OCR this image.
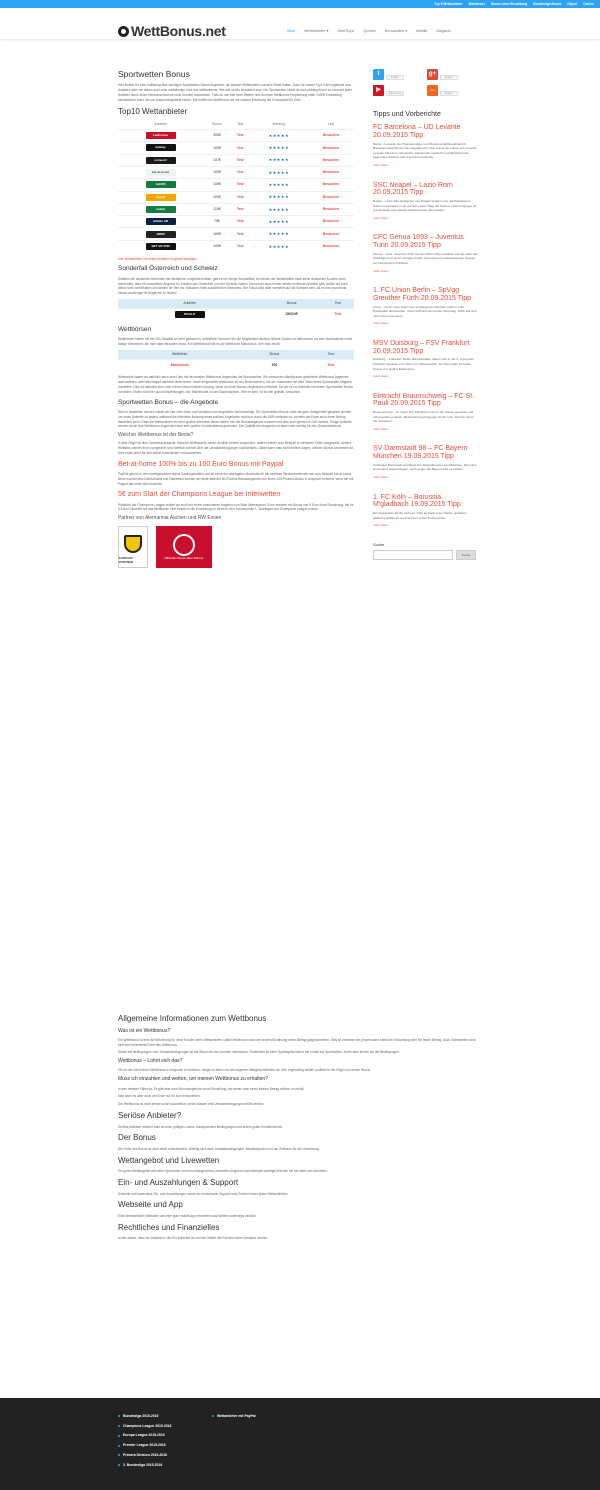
Top 5 Wettanbieter Wettsteuer Bonus ohne Einzahlung Bundesliga Bonus eSport Casino
WettBonus.net	Start Wettanbieter ▾ WettTipps Quoten Bonusarten ▾ Mobile Magazin
Sportwetten Bonus

Hier findest Du eine Auflistung aller wichtigen Sportwetten Bonus Angebote, die seriöse Wettanbieter auf dem Markt haben. Dazu ist unsere Top10 der Angebote bzw. Anbieter, aber wir haben auch eine vollständige Liste des Wettanbieter. Wie alle seriös einsortiert sind. Der Sportwetten-Markt ist hart umkämpft und so versucht jeder Anbieter durch einen Neukundenbonus neue Kunden anzulocken. Falls du neu bist beim Wetten und du einen Wettbonus Empfehlung unter 1000€ Einzahlung einkassieren willst, die wir zusammengestellt haben. Wir treffen bei WettBonus.net mit unserer Erfahrung die Vorauswahl für Dich.

Top10 Wettanbieter
Anbieter	Bonus	Test	Wertung	Link
Ladbrokes	300€	Test	★★★★★	Besuchen
betway	100€	Test	★★★★★	Besuchen
comeon!	107€	Test	★★★★★	Besuchen
bet-at-home	100€	Test	★★★★★	Besuchen
bet365	100€	Test	★★★★★	Besuchen
expekt	100€	Test	★★★★★	Besuchen
unibet	110€	Test	★★★★★	Besuchen
william hill	75€	Test	★★★★★	Besuchen
BWIN	100€	Test	★★★★★	Besuchen
BET VICTOR	100€	Test	★★★★★	Besuchen

Alle Wettanbieter mit einem sicheren Angebot anzeigen...

Sonderfall Österreich und Schweiz

Seitdem die deutschen Behörden die Wettsteuer eingeführt haben, gibt es nur einige Sonderfälle, bei denen die Wettanbieter zwar keine deutschen Kunden mehr annehmen, aber ein komplettes Angebot für Kunden aus Österreich und der Schweiz haben. Da es hier auch immer wieder verkürzte Anbieter gibt, wollen wir euch diese nicht vorenthalten und stellen sie hier vor. Inklusive eines ausführlichen Berichtes. Der Fokus wird aber vermehrt auf die Schweiz sein, da es hier manchmal etwas schwieriger ist Angebote zu finden!

Anbieter	Bonus	Test
RIVALO	150CHF	Test
Wettbörsen

Wettbörsen haben mit der 200-Idealität an Wert gewonnen, schließlich hat man hier die Möglichkeit deutlich höhere Quoten zu bekommen, da kein Buchmacher seine Marge einrechnet, die man dann bezahlen muss. Ein Wetttutorial hilft es die Wettbörse Matchbook, den man erhält.

Wettbörse	Bonus	Test
Matchbook	20€	Test

Wetmarkts haben wir natürlich auch eine Liste mit den besten Wettbonus Angeboten der Buchmacher. Wir versuchen ständig auch gesicherte Wettbonus Angebote auszuwählen, aber dies klappt natürlich nicht immer. Jeder eingestellte Wettbonus ist von Buchmachern, die wir zusammen mit dem Team eines Sportwetten Magazin vorstellen. Dies ist natürlich eine Liste mit nur einem kleinen Auszug, wenn du einen Bonus vergleichen möchtest. Da wir es nur Anbieter mit einem Sportwetten Bonus vorstellen, finden sich hier auch Empfehlungen und Testberichte zu den Buchmachern. Wie ihr seht, ist es hier gelistet, besuchen.

Sportwetten Bonus – die Angebote

Wie ihr feststellen werdet, haben wir hier viele Arten und Varianten von Angeboten berücksichtigt. Ein Sportwetten Bonus sollte als gute Gelegenheit gesehen werden um einen Anbieter zu testen, während die Mehrfach Nutzung eines solchen Angebotes nicht nur durch die AGB verboten ist, sondern am Ende auch einen Betrug darstellen kann. Dass die Wettanbieter ein sehr großes Interesse daran haben, wie die Bonusangebote machen und dies auch gerne tun, hat Vorteile. Einige Anbieter werden durch ihre Wettbonus-Angebote einen sehr großen Kundenstamm gewinnen. Die Qualität des Angebots ist dabei sehr wichtig für den Gesamteindruck.

Welcher Wettbonus ist der Beste?

In aller Regel ist dies Geschmackssache. Manche Wettfreunde haben deutlich höhere Ansprüche, andere wieder zum Beispiel in mehreren Teilen ausgezahlt. Andere Wettfans werden ihnen umgekehrt und ziemlich schnell über die Umsatzbedingungen nachdenken. Daher kann man nicht einfach sagen, welcher Bonus am besten ist. Dies muss jeder für sich selbst entscheiden und auswerten.

Bet-at-home 100% bis zu 100 Euro Bonus mit Paypal

PayPal gehört zu den meistgenutzten online Zahlungsmitteln und ist eines der wichtigsten Merkmale für ein seriösen Wettunternehmen wie zum Beispiel bet-at-home. Neue Kunden aus Deutschland und Österreich können ab heute statt der 50-Prozent Bonusangebote nun einen 100-Prozent-Bonus in Anspruch nehmen, wenn sie mit Paypal das erste Mal einzahlen.

5€ zum Start der Champions League bei Interwetten

Pünktlich der Champions League wollen wir euch mit einem besonderen Angebot zum Start überraschen. Euch erwartet ein Bonus von 5 Euro ohne Einzahlung, bei ihr 5 Euro Gutschrift auf das Wettkonto. Hier müsst ihr die Einzahlung im Bereich, den Schwerpunkt 1. Spieltagen der Champions League nutzen.

Partner von Alemannia Aachen und RW Essen
EUREGIO PARTNER
Offizieller Bookmaker-Partner
t
Folgen
g+
Folgen
▶
Abonnieren
rss
Folgen
Tipps und Vorberichte
FC Barcelona – UD Levante 20.09.2015 Tipp

Barca – Levante: der Titelverteidiger und Meisterschaftskandidat FC Barcelona begrüßt am Sonntagabend im Nou Camp die Gäste aus Levante. Levante hat einen schwachen Saisonstart erwischt und kämpft bereits gegen den Abstieg. Der Favorit ist eindeutig.

mehr lesen
SSC Neapel – Lazio Rom 20.09.2015 Tipp

Napoli – Lazio: Die Gastgeber aus Neapel spielen eine durchwachsene Saison und warten noch auf den ersten Sieg der Saison. Lazio hingegen ist gut gestartet und will den Abstand nach oben halten.

mehr lesen
CFC Genua 1893 – Juventus Turin 20.09.2015 Tipp

Genoa – Juve: Juventus Turin hat den Start völlig verpasst und hat nach drei Spieltagen nur einen einzigen Punkt. Genua ist ein unangenehmer Gegner vor heimischem Publikum.

mehr lesen
1. FC Union Berlin – SpVgg Greuther Fürth 20.09.2015 Tipp

Union – Fürth: zwei Teams der vergangenen Wochen treffen in der Hauptstadt aufeinander. Union hofft auf den ersten Heimsieg, Fürth will sich nach oben orientieren.

mehr lesen
MSV Duisburg – FSV Frankfurt 20.09.2015 Tipp

Duisburg – Frankfurt: Beide Mannschaften haben sich in der 2. Liga einen Fehlstart geleistet und stehen im Tabellenkeller. Ein Sieg wäre für beide Teams von großer Bedeutung.

mehr lesen
Eintracht Braunschweig – FC St. Pauli 20.09.2015 Tipp

Braunschweig – St. Pauli: Der Kiezklub ist gut in die Saison gestartet und will auswärts punkten. Braunschweig hingegen sucht noch nach der Form der Vorsaison.

mehr lesen
SV Darmstadt 98 – FC Bayern München 19.09.2015 Tipp

Aufsteiger Darmstadt empfängt den Rekordmeister aus München. Die Lilien sind bisher ungeschlagen, doch gegen die Bayern wird es schwer.

mehr lesen
1. FC Köln – Borussia M'gladbach 19.09.2015 Tipp

Ein rheinisches Derby steht an. Köln ist stark in die Saison gestartet, während Gladbach noch auf den ersten Punkt wartet.

mehr lesen
Suche
Suche
Allgemeine Informationen zum Wettbonus
Was ist ein Wettbonus?

Ein Wettbonus ist eine Art Belohnung für neue Kunden beim Wettanbieter. Dabei erhält man nach der ersten Einzahlung einen Betrag gutgeschrieben. Dies ist entweder ein prozentualer Anteil der Einzahlung oder ein fester Betrag. Auch Gratiswetten sind eine weit verbreitete Form des Wettbonus.

Selbst mit Bedingungen oder Umsatzbedingungen ist der Bonus für den Kunden interessant. Schließlich ist mehr Spielkapital immer ein Vorteil bei Sportwetten. Achte aber immer auf die Bedingungen.

Wettbonus – Lohnt sich das?

Ob es sich lohnt einen Wettbonus in Anspruch zu nehmen, hängt vor allem von den eigenen Wettgewohnheiten ab. Wer regelmäßig wettet, profitiert in der Regel von einem Bonus.

Muss ich einzahlen und wetten, um meinen Wettbonus zu erhalten?

In den meisten Fällen ja. Es gibt aber auch Bonusangebote ohne Einzahlung, bei denen man einen kleinen Betrag einfach so erhält.

Man kann es aber auch am Ende nur für sich entscheiden.

Der Wettbonus ist nicht immer sofort auszahlbar, meist müssen erst Umsatzbedingungen erfüllt werden.

Seriöse Anbieter?

Seriöse Anbieter erkennt man an einer gültigen Lizenz, transparenten Bedingungen und einem guten Kundenservice.

Der Bonus

Die Höhe des Bonus ist nicht allein entscheidend. Wichtig sind auch Umsatzbedingungen, Mindestquoten und der Zeitraum für die Umsetzung.

Wettangebot und Livewetten

Ein gutes Wettangebot mit vielen Sportarten und ein umfangreiches Livewetten-Angebot sind ebenfalls wichtige Kriterien bei der Wahl des Anbieters.

Ein- und Auszahlungen & Support

Schnelle und kostenlose Ein- und Auszahlungen sowie ein erreichbarer Support sind Zeichen eines guten Wettanbieters.

Webseite und App

Eine übersichtliche Webseite und eine gute mobile App erleichtern das Wetten unterwegs deutlich.

Rechtliches und Finanzielles

Achte darauf, dass der Anbieter in der EU lizenziert ist und die Gelder der Kunden sicher verwahrt werden.

Bundesliga 2015-2016
Champions League 2015-2016
Europa League 2015-2016
Premier League 2015-2016
Primera Division 2015-2016
2. Bundesliga 2015-2016
Wettanbieter mit PayPal
